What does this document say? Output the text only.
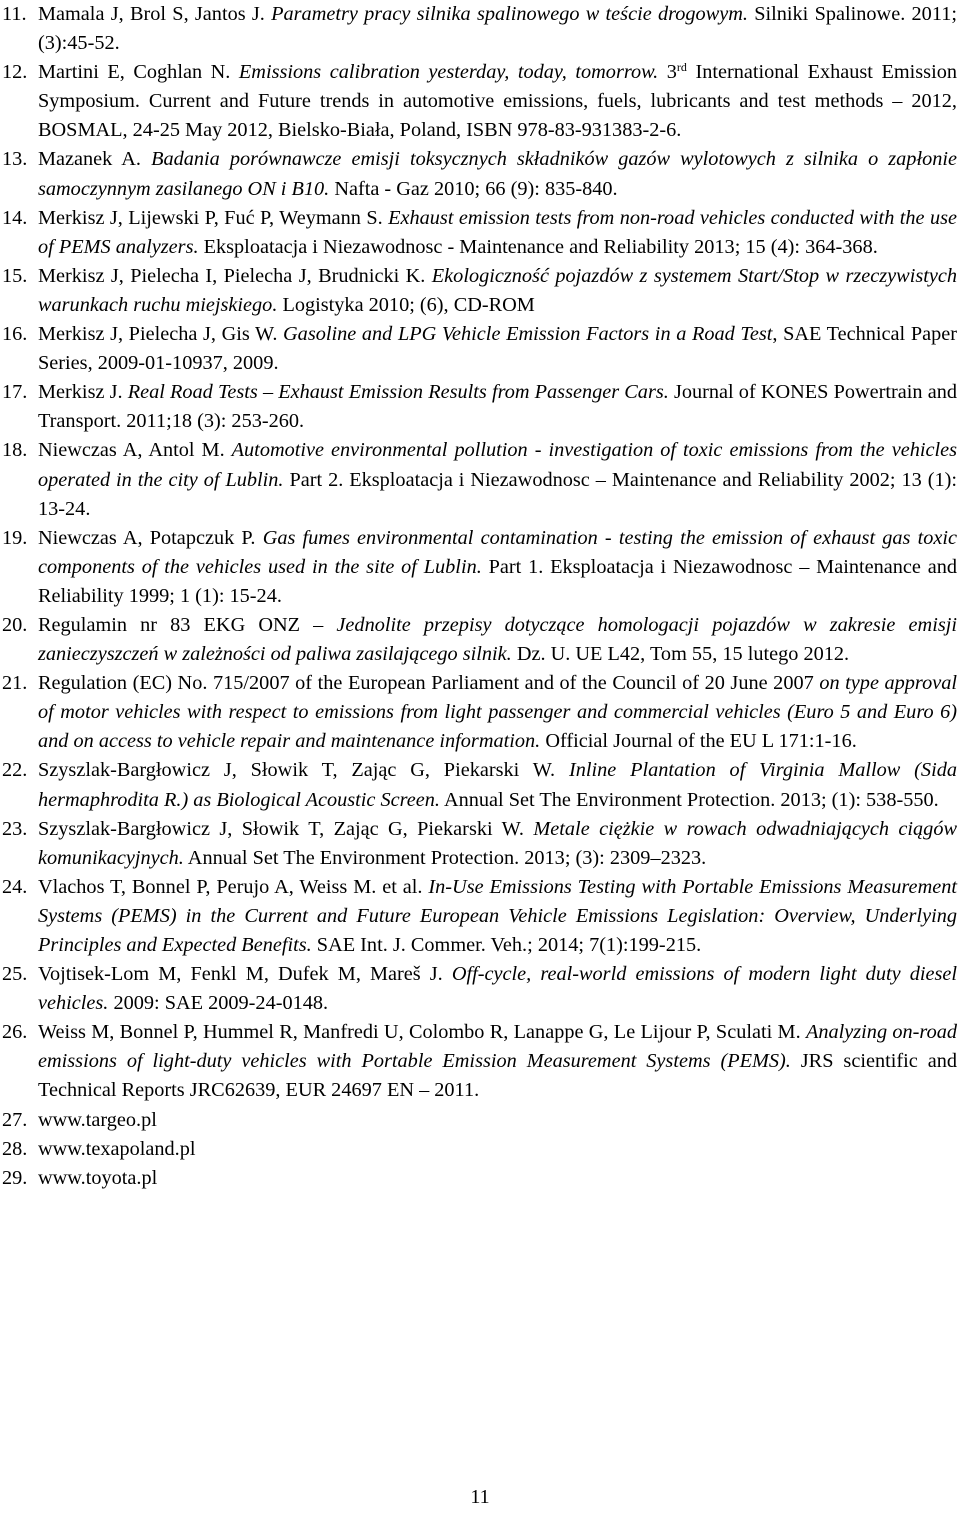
11. Mamala J, Brol S, Jantos J. Parametry pracy silnika spalinowego w teście drogowym. Silniki Spalinowe. 2011; (3):45-52.
12. Martini E, Coghlan N. Emissions calibration yesterday, today, tomorrow. 3rd International Exhaust Emission Symposium. Current and Future trends in automotive emissions, fuels, lubricants and test methods – 2012, BOSMAL, 24-25 May 2012, Bielsko-Biała, Poland, ISBN 978-83-931383-2-6.
13. Mazanek A. Badania porównawcze emisji toksycznych składników gazów wylotowych z silnika o zapłonie samoczynnym zasilanego ON i B10. Nafta - Gaz 2010; 66 (9): 835-840.
14. Merkisz J, Lijewski P, Fuć P, Weymann S. Exhaust emission tests from non-road vehicles conducted with the use of PEMS analyzers. Eksploatacja i Niezawodnosc - Maintenance and Reliability 2013; 15 (4): 364-368.
15. Merkisz J, Pielecha I, Pielecha J, Brudnicki K. Ekologiczność pojazdów z systemem Start/Stop w rzeczywistych warunkach ruchu miejskiego. Logistyka 2010; (6), CD-ROM
16. Merkisz J, Pielecha J, Gis W. Gasoline and LPG Vehicle Emission Factors in a Road Test, SAE Technical Paper Series, 2009-01-10937, 2009.
17. Merkisz J. Real Road Tests – Exhaust Emission Results from Passenger Cars. Journal of KONES Powertrain and Transport. 2011;18 (3): 253-260.
18. Niewczas A, Antol M. Automotive environmental pollution - investigation of toxic emissions from the vehicles operated in the city of Lublin. Part 2. Eksploatacja i Niezawodnosc – Maintenance and Reliability 2002; 13 (1): 13-24.
19. Niewczas A, Potapczuk P. Gas fumes environmental contamination - testing the emission of exhaust gas toxic components of the vehicles used in the site of Lublin. Part 1. Eksploatacja i Niezawodnosc – Maintenance and Reliability 1999; 1 (1): 15-24.
20. Regulamin nr 83 EKG ONZ – Jednolite przepisy dotyczące homologacji pojazdów w zakresie emisji zanieczyszczeń w zależności od paliwa zasilającego silnik. Dz. U. UE L42, Tom 55, 15 lutego 2012.
21. Regulation (EC) No. 715/2007 of the European Parliament and of the Council of 20 June 2007 on type approval of motor vehicles with respect to emissions from light passenger and commercial vehicles (Euro 5 and Euro 6) and on access to vehicle repair and maintenance information. Official Journal of the EU L 171:1-16.
22. Szyszlak-Bargłowicz J, Słowik T, Zając G, Piekarski W. Inline Plantation of Virginia Mallow (Sida hermaphrodita R.) as Biological Acoustic Screen. Annual Set The Environment Protection. 2013; (1): 538-550.
23. Szyszlak-Bargłowicz J, Słowik T, Zając G, Piekarski W. Metale ciężkie w rowach odwadniających ciągów komunikacyjnych. Annual Set The Environment Protection. 2013; (3): 2309–2323.
24. Vlachos T, Bonnel P, Perujo A, Weiss M. et al. In-Use Emissions Testing with Portable Emissions Measurement Systems (PEMS) in the Current and Future European Vehicle Emissions Legislation: Overview, Underlying Principles and Expected Benefits. SAE Int. J. Commer. Veh.; 2014; 7(1):199-215.
25. Vojtisek-Lom M, Fenkl M, Dufek M, Mareš J. Off-cycle, real-world emissions of modern light duty diesel vehicles. 2009: SAE 2009-24-0148.
26. Weiss M, Bonnel P, Hummel R, Manfredi U, Colombo R, Lanappe G, Le Lijour P, Sculati M. Analyzing on-road emissions of light-duty vehicles with Portable Emission Measurement Systems (PEMS). JRS scientific and Technical Reports JRC62639, EUR 24697 EN – 2011.
27. www.targeo.pl
28. www.texapoland.pl
29. www.toyota.pl
11
